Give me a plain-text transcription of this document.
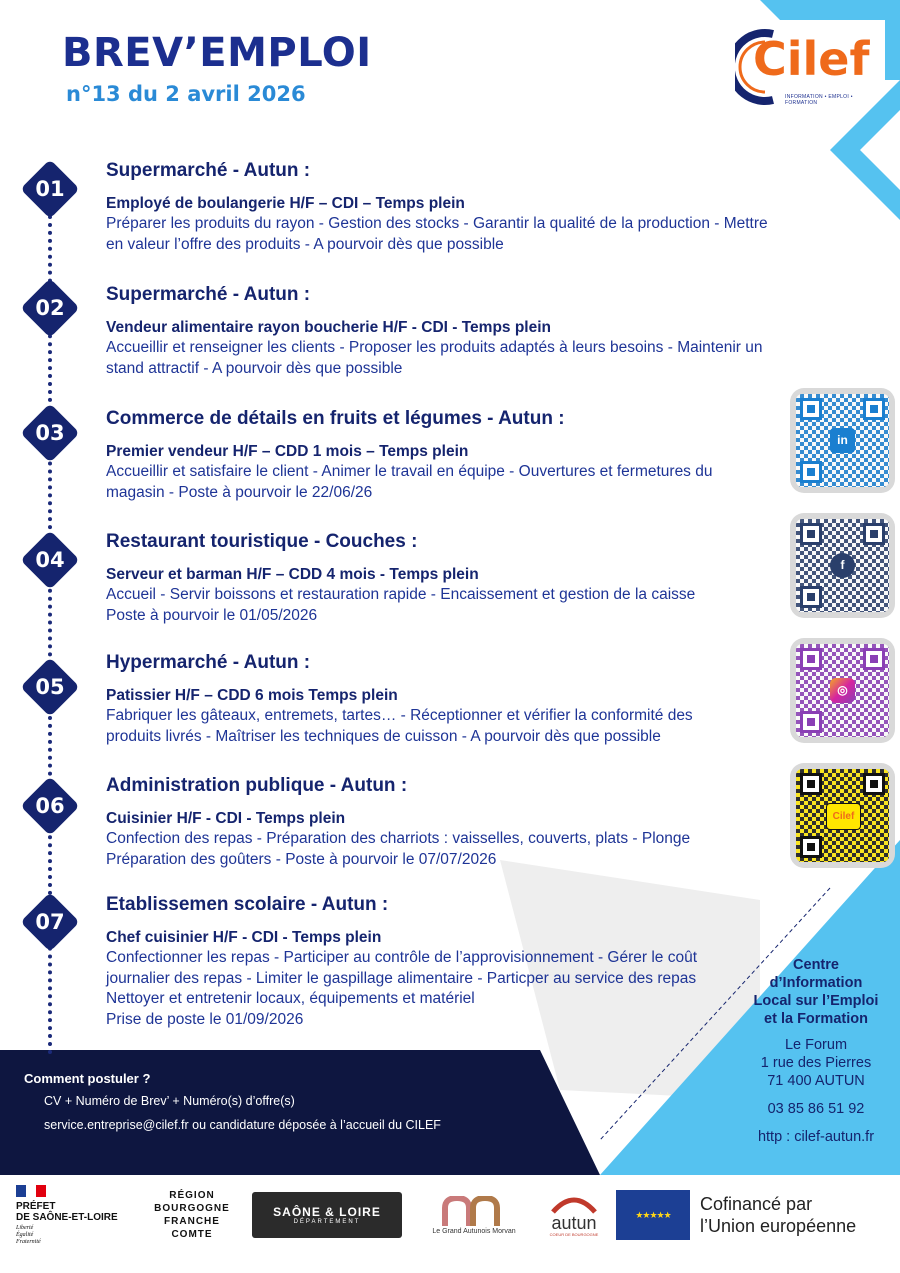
BREV’EMPLOI
n°13 du 2 avril 2026
Cilef
INFORMATION • EMPLOI • FORMATION
01
Supermarché - Autun :
Employé de boulangerie H/F – CDI – Temps plein
Préparer les produits du rayon - Gestion des stocks - Garantir la qualité de la production - Mettre
en valeur l’offre des produits - A pourvoir dès que possible
02
Supermarché - Autun :
Vendeur alimentaire rayon boucherie H/F - CDI - Temps plein
Accueillir et renseigner les clients - Proposer les produits adaptés à leurs besoins - Maintenir un
stand attractif - A pourvoir dès que possible
03
Commerce de détails en fruits et légumes - Autun :
Premier vendeur H/F – CDD 1 mois – Temps plein
Accueillir et satisfaire le client - Animer le travail en équipe - Ouvertures et fermetures du
magasin - Poste à pourvoir le 22/06/26
04
Restaurant touristique - Couches :
Serveur et barman H/F – CDD 4 mois - Temps plein
Accueil - Servir boissons et restauration rapide - Encaissement et gestion de la caisse
Poste à pourvoir le 01/05/2026
05
Hypermarché - Autun :
Patissier H/F – CDD 6 mois Temps plein
Fabriquer les gâteaux, entremets, tartes… - Réceptionner et vérifier la conformité des
produits livrés - Maîtriser les techniques de cuisson - A pourvoir dès que possible
06
Administration publique - Autun :
Cuisinier H/F - CDI - Temps plein
Confection des repas - Préparation des charriots : vaisselles, couverts, plats - Plonge
Préparation des goûters - Poste à pourvoir le 07/07/2026
07
Etablissemen scolaire - Autun :
Chef cuisinier H/F - CDI - Temps plein
Confectionner les repas - Participer au contrôle de l’approvisionnement - Gérer le coût
journalier des repas - Limiter le gaspillage alimentaire - Particper au service des repas
Nettoyer et entretenir locaux, équipements et matériel
Prise de poste le 01/09/2026
in
f
◎
Cilef
Centre
d’Information
Local sur l’Emploi
et la Formation
Le Forum
1 rue des Pierres
71 400 AUTUN
03 85 86 51 92
http : cilef-autun.fr
Comment postuler ?
CV + Numéro de Brev’ + Numéro(s) d’offre(s)
service.entreprise@cilef.fr ou candidature déposée à l’accueil du CILEF
PRÉFET
DE SAÔNE-ET-LOIRE
Liberté
Égalité
Fraternité
RÉGION
BOURGOGNE
FRANCHE
COMTE
SAÔNE & LOIRE
DÉPARTEMENT
Le Grand Autunois Morvan autun
COEUR DE BOURGOGNE
★★★★★
Cofinancé par
l’Union européenne
